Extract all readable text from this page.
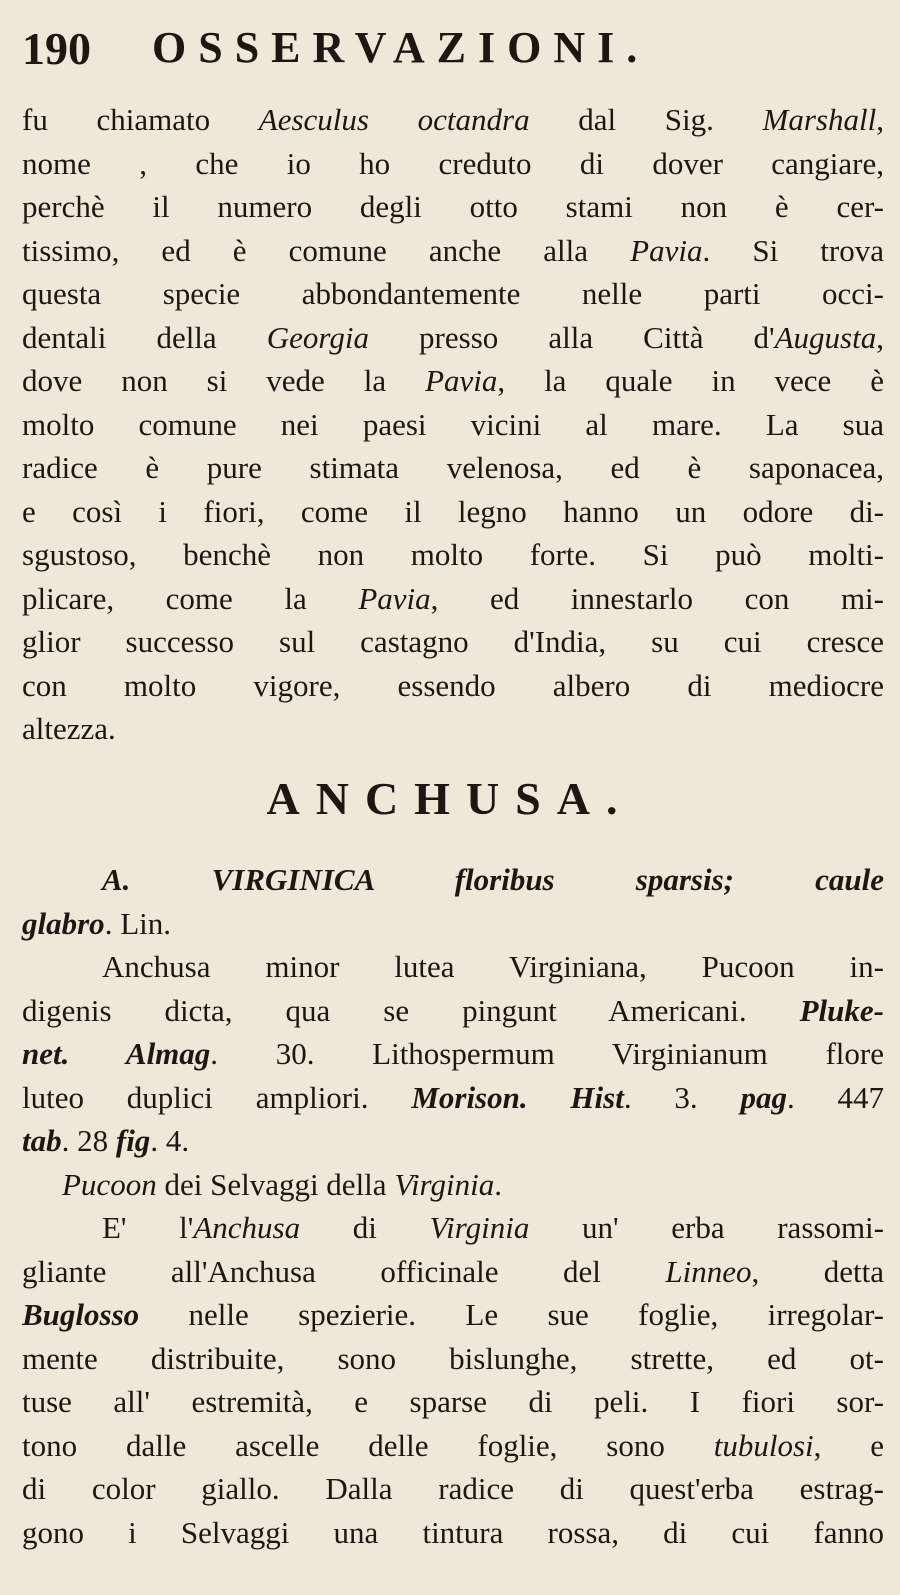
190 OSSERVAZIONI.
fu chiamato Aesculus octandra dal Sig. Marshall,
nome , che io ho creduto di dover cangiare,
perchè il numero degli otto stami non è cer-
tissimo, ed è comune anche alla Pavia. Si trova
questa specie abbondantemente nelle parti occi-
dentali della Georgia presso alla Città d'Augusta,
dove non si vede la Pavia, la quale in vece è
molto comune nei paesi vicini al mare. La sua
radice è pure stimata velenosa, ed è saponacea,
e così i fiori, come il legno hanno un odore di-
sgustoso, benchè non molto forte. Si può molti-
plicare, come la Pavia, ed innestarlo con mi-
glior successo sul castagno d'India, su cui cresce
con molto vigore, essendo albero di mediocre
altezza.
ANCHUSA.
A. VIRGINICA floribus sparsis; caule
glabro. Lin.
Anchusa minor lutea Virginiana, Pucoon in-
digenis dicta, qua se pingunt Americani. Pluke-
net. Almag. 30. Lithospermum Virginianum flore
luteo duplici ampliori. Morison. Hist. 3. pag. 447
tab. 28 fig. 4.
Pucoon dei Selvaggi della Virginia.
E' l'Anchusa di Virginia un' erba rassomi-
gliante all'Anchusa officinale del Linneo, detta
Buglosso nelle spezierie. Le sue foglie, irregolar-
mente distribuite, sono bislunghe, strette, ed ot-
tuse all' estremità, e sparse di peli. I fiori sor-
tono dalle ascelle delle foglie, sono tubulosi, e
di color giallo. Dalla radice di quest'erba estrag-
gono i Selvaggi una tintura rossa, di cui fanno
